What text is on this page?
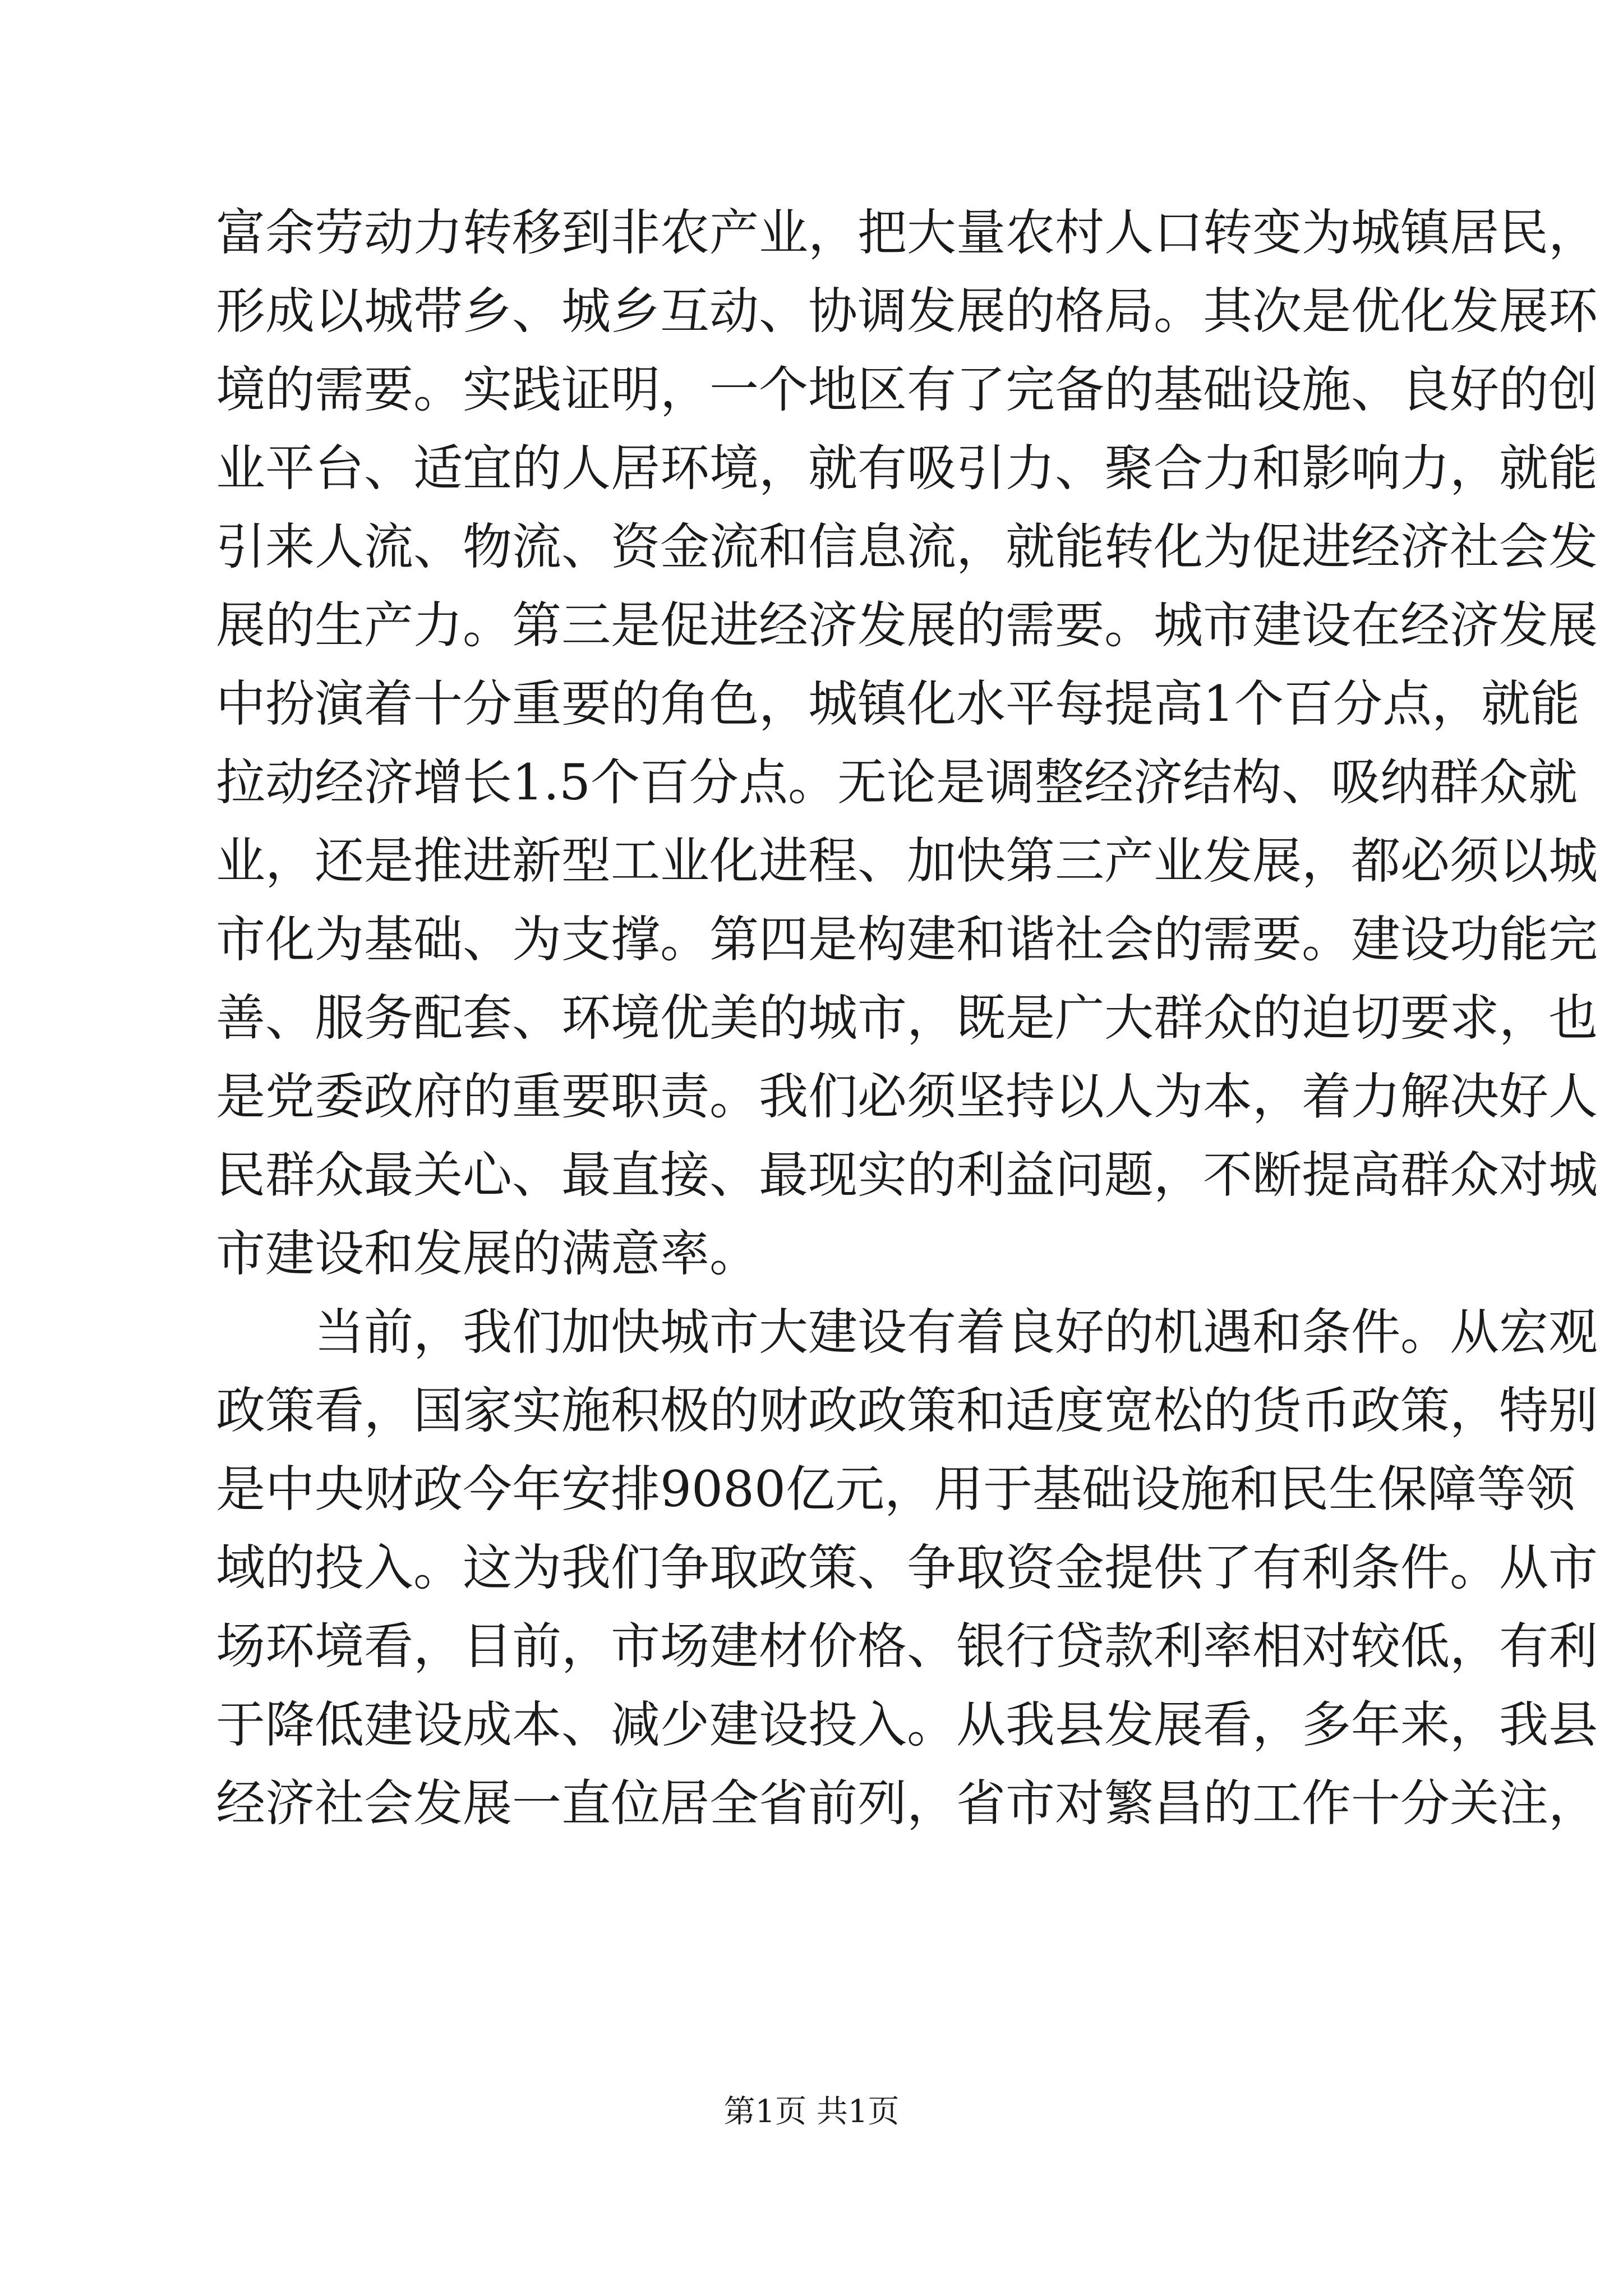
富余劳动力转移到非农产业，把大量农村人口转变为城镇居民，
形成以城带乡、城乡互动、协调发展的格局。其次是优化发展环
境的需要。实践证明，一个地区有了完备的基础设施、良好的创
业平台、适宜的人居环境，就有吸引力、聚合力和影响力，就能
引来人流、物流、资金流和信息流，就能转化为促进经济社会发
展的生产力。第三是促进经济发展的需要。城市建设在经济发展
中扮演着十分重要的角色，城镇化水平每提高1个百分点，就能
拉动经济增长1.5个百分点。无论是调整经济结构、吸纳群众就
业，还是推进新型工业化进程、加快第三产业发展，都必须以城
市化为基础、为支撑。第四是构建和谐社会的需要。建设功能完
善、服务配套、环境优美的城市，既是广大群众的迫切要求，也
是党委政府的重要职责。我们必须坚持以人为本，着力解决好人
民群众最关心、最直接、最现实的利益问题，不断提高群众对城
市建设和发展的满意率。
当前，我们加快城市大建设有着良好的机遇和条件。从宏观
政策看，国家实施积极的财政政策和适度宽松的货币政策，特别
是中央财政今年安排9080亿元，用于基础设施和民生保障等领
域的投入。这为我们争取政策、争取资金提供了有利条件。从市
场环境看，目前，市场建材价格、银行贷款利率相对较低，有利
于降低建设成本、减少建设投入。从我县发展看，多年来，我县
经济社会发展一直位居全省前列，省市对繁昌的工作十分关注，
第1页 共1页
